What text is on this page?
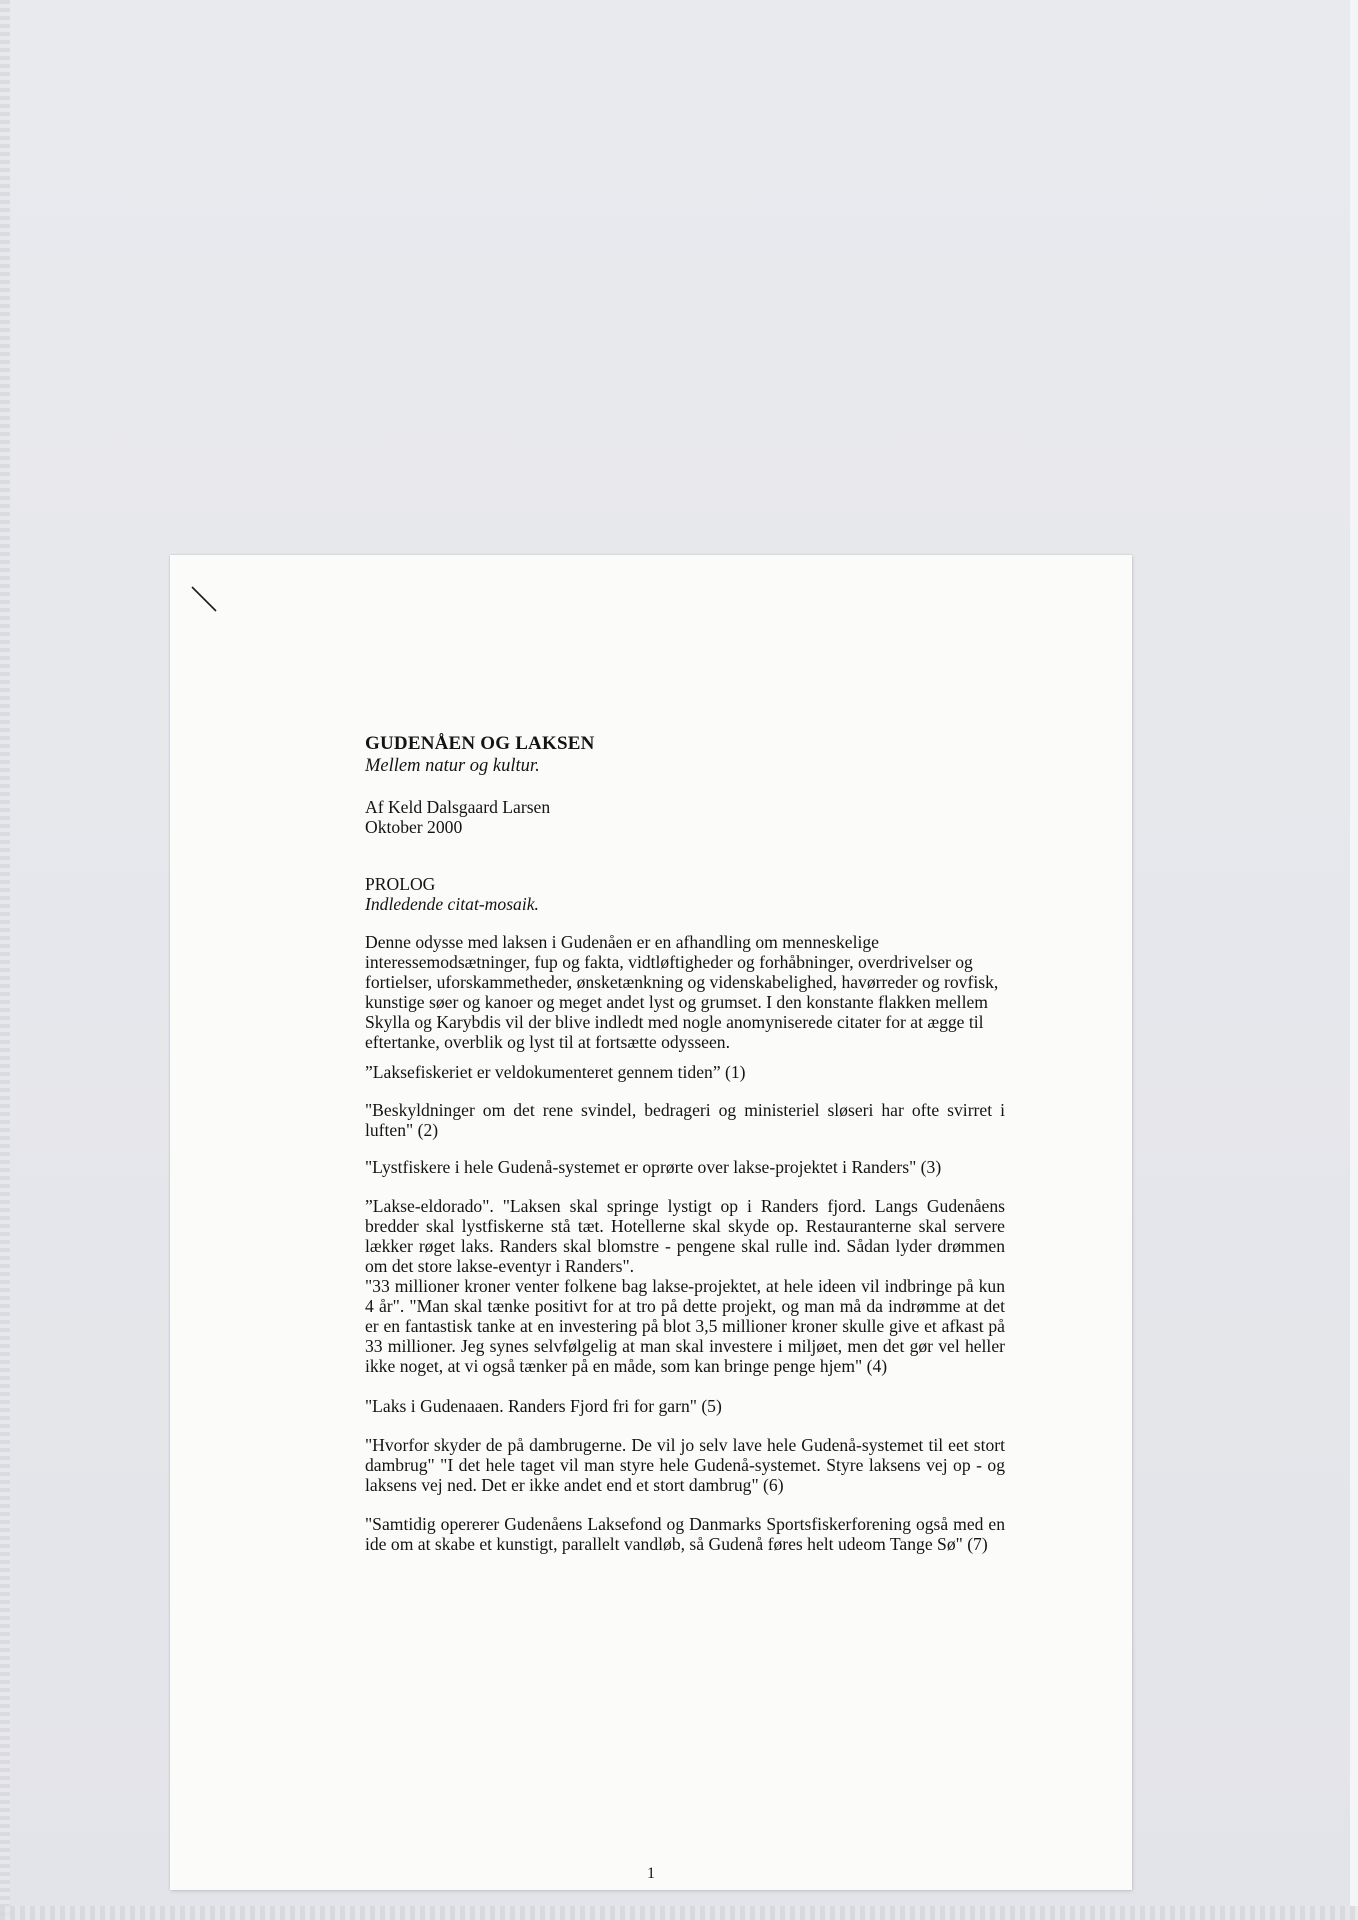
GUDENÅEN OG LAKSEN

Mellem natur og kultur.

Af Keld Dalsgaard Larsen

Oktober 2000

PROLOG

Indledende citat-mosaik.

Denne odysse med laksen i Gudenåen er en afhandling om menneskelige interessemodsætninger, fup og fakta, vidtløftigheder og forhåbninger, overdrivelser og fortielser, uforskammetheder, ønsketænkning og videnskabelighed, havørreder og rovfisk, kunstige søer og kanoer og meget andet lyst og grumset. I den konstante flakken mellem Skylla og Karybdis vil der blive indledt med nogle anomyniserede citater for at ægge til eftertanke, overblik og lyst til at fortsætte odysseen.

”Laksefiskeriet er veldokumenteret gennem tiden” (1)

"Beskyldninger om det rene svindel, bedrageri og ministeriel sløseri har ofte svirret i luften" (2)

"Lystfiskere i hele Gudenå-systemet er oprørte over lakse-projektet i Randers" (3)

”Lakse-eldorado". "Laksen skal springe lystigt op i Randers fjord. Langs Gudenåens bredder skal lystfiskerne stå tæt. Hotellerne skal skyde op. Restauranterne skal servere lækker røget laks. Randers skal blomstre - pengene skal rulle ind. Sådan lyder drømmen om det store lakse-eventyr i Randers".

"33 millioner kroner venter folkene bag lakse-projektet, at hele ideen vil indbringe på kun 4 år". "Man skal tænke positivt for at tro på dette projekt, og man må da indrømme at det er en fantastisk tanke at en investering på blot 3,5 millioner kroner skulle give et afkast på 33 millioner. Jeg synes selvfølgelig at man skal investere i miljøet, men det gør vel heller ikke noget, at vi også tænker på en måde, som kan bringe penge hjem" (4)

"Laks i Gudenaaen. Randers Fjord fri for garn" (5)

"Hvorfor skyder de på dambrugerne. De vil jo selv lave hele Gudenå-systemet til eet stort dambrug" "I det hele taget vil man styre hele Gudenå-systemet. Styre laksens vej op - og laksens vej ned. Det er ikke andet end et stort dambrug" (6)

"Samtidig opererer Gudenåens Laksefond og Danmarks Sportsfiskerforening også med en ide om at skabe et kunstigt, parallelt vandløb, så Gudenå føres helt udeom Tange Sø" (7)

1
